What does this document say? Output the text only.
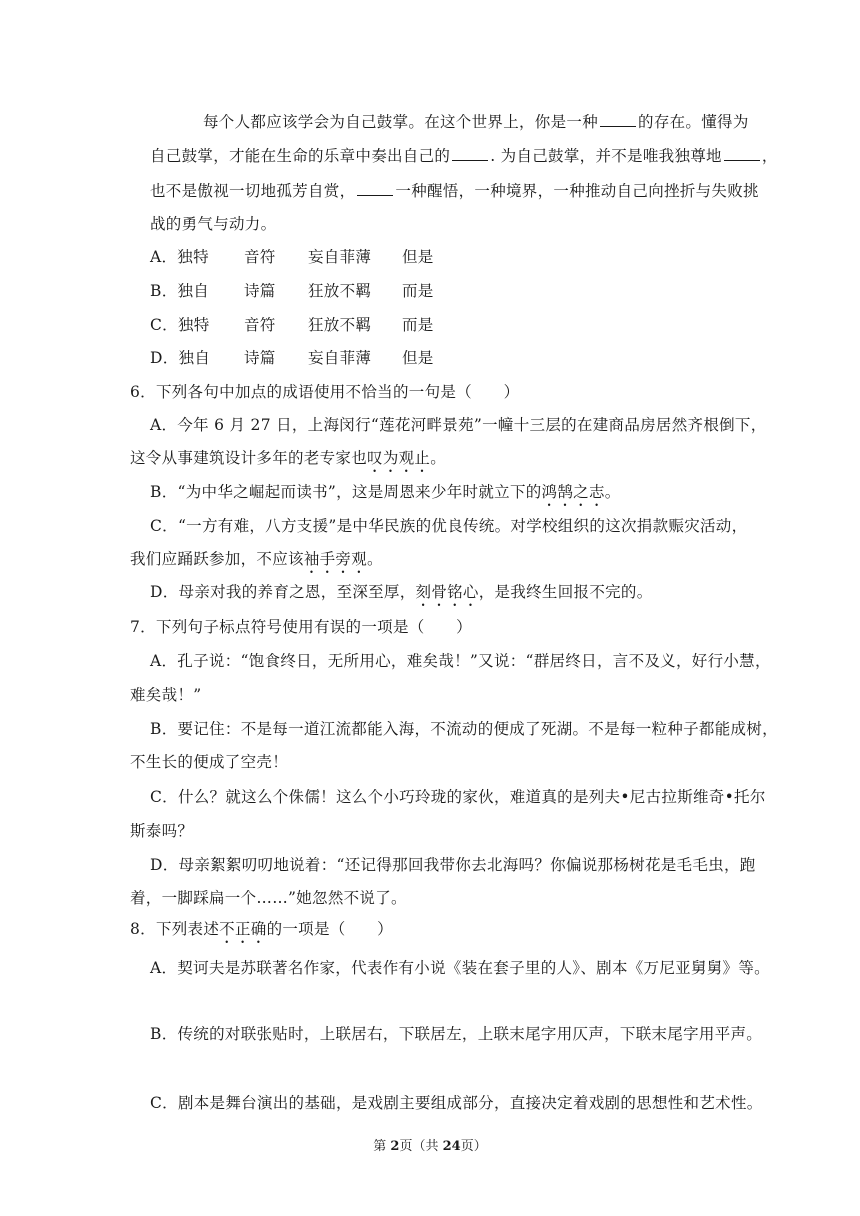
每个人都应该学会为自己鼓掌。在这个世界上，你是一种	的存在。懂得为
自己鼓掌，才能在生命的乐章中奏出自己的	. 为自己鼓掌，并不是唯我独尊地	，
也不是傲视一切地孤芳自赏，	一种醒悟，一种境界，一种推动自己向挫折与失败挑
战的勇气与动力。
A．独特 音符 妄自菲薄 但是
B．独自 诗篇 狂放不羁 而是
C．独特 音符 狂放不羁 而是
D．独自 诗篇 妄自菲薄 但是
6．下列各句中加点的成语使用不恰当的一句是（　　）
A．今年 6 月 27 日，上海闵行“莲花河畔景苑”一幢十三层的在建商品房居然齐根倒下，
这令从事建筑设计多年的老专家也叹为观止。
B．“为中华之崛起而读书”，这是周恩来少年时就立下的鸿鹄之志。
C．“一方有难，八方支援”是中华民族的优良传统。对学校组织的这次捐款赈灾活动，
我们应踊跃参加，不应该袖手旁观。
D．母亲对我的养育之恩，至深至厚，刻骨铭心，是我终生回报不完的。
7．下列句子标点符号使用有误的一项是（　　）
A．孔子说：“饱食终日，无所用心，难矣哉！”又说：“群居终日，言不及义，好行小慧，
难矣哉！”
B．要记住：不是每一道江流都能入海，不流动的便成了死湖。不是每一粒种子都能成树，
不生长的便成了空壳！
C．什么？就这么个侏儒！这么个小巧玲珑的家伙，难道真的是列夫•尼古拉斯维奇•托尔
斯泰吗？
D．母亲絮絮叨叨地说着：“还记得那回我带你去北海吗？你偏说那杨树花是毛毛虫，跑
着，一脚踩扁一个……”她忽然不说了。
8．下列表述不正确的一项是（　　）
A．契诃夫是苏联著名作家，代表作有小说《装在套子里的人》、剧本《万尼亚舅舅》等。
B．传统的对联张贴时，上联居右，下联居左，上联末尾字用仄声，下联末尾字用平声。
C．剧本是舞台演出的基础，是戏剧主要组成部分，直接决定着戏剧的思想性和艺术性。
第 2页（共 24页）
